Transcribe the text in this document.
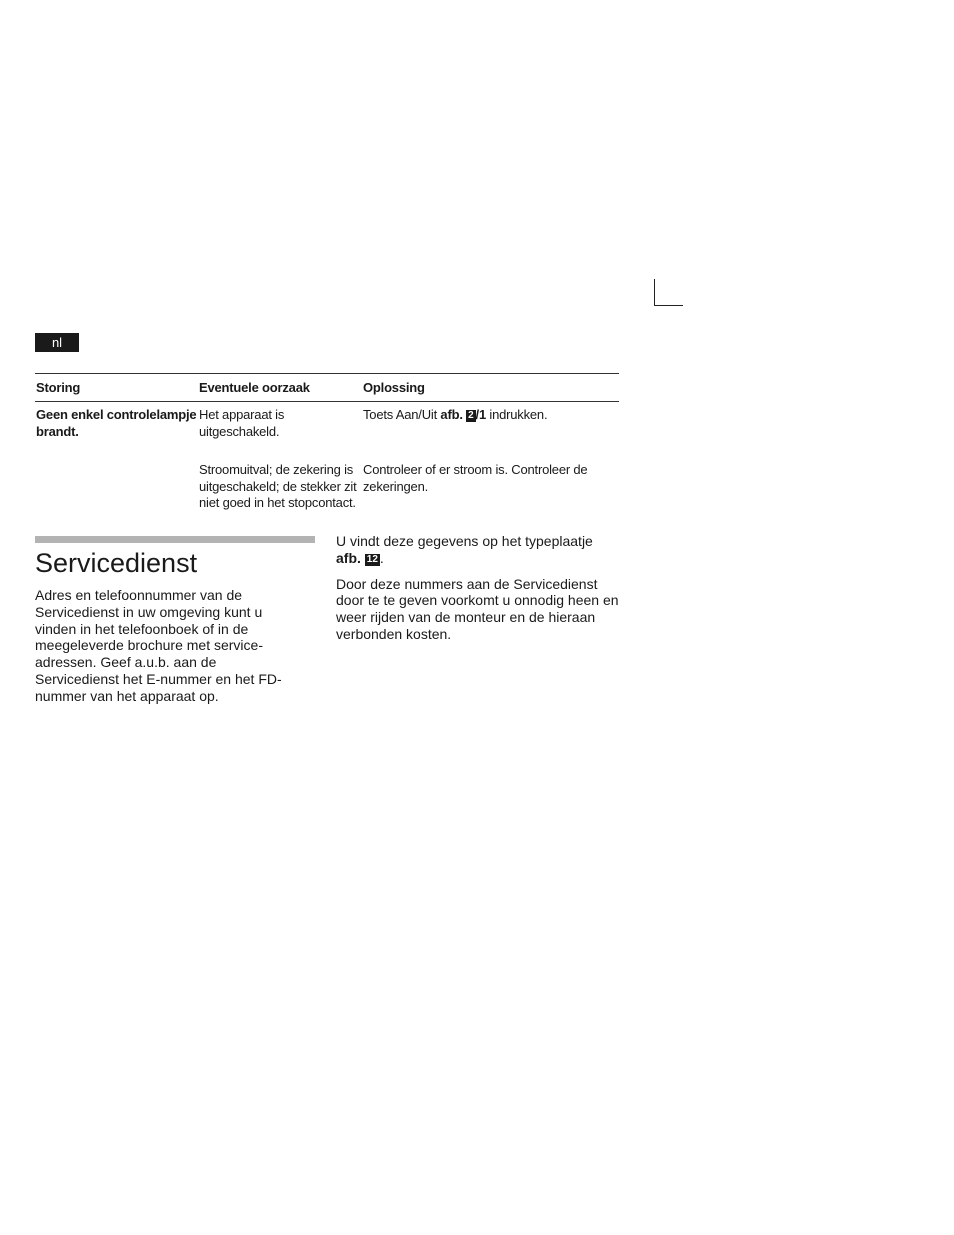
nl
Storing	Eventuele oorzaak	Oplossing
Geen enkel controlelampje brandt.
Het apparaat is uitgeschakeld.
Toets Aan/Uit afb. 2 /1 indrukken.
Stroomuitval; de zekering is uitgeschakeld; de stekker zit niet goed in het stopcontact.
Controleer of er stroom is. Controleer de zekeringen.
Servicedienst

Adres en telefoonnummer van de Servicedienst in uw omgeving kunt u vinden in het telefoonboek of in de meegeleverde brochure met service-adressen. Geef a.u.b. aan de Servicedienst het E-nummer en het FD-nummer van het apparaat op.

U vindt deze gegevens op het typeplaatje
afb. 12 .

Door deze nummers aan de Servicedienst door te te geven voorkomt u onnodig heen en weer rijden van de monteur en de hieraan verbonden kosten.
